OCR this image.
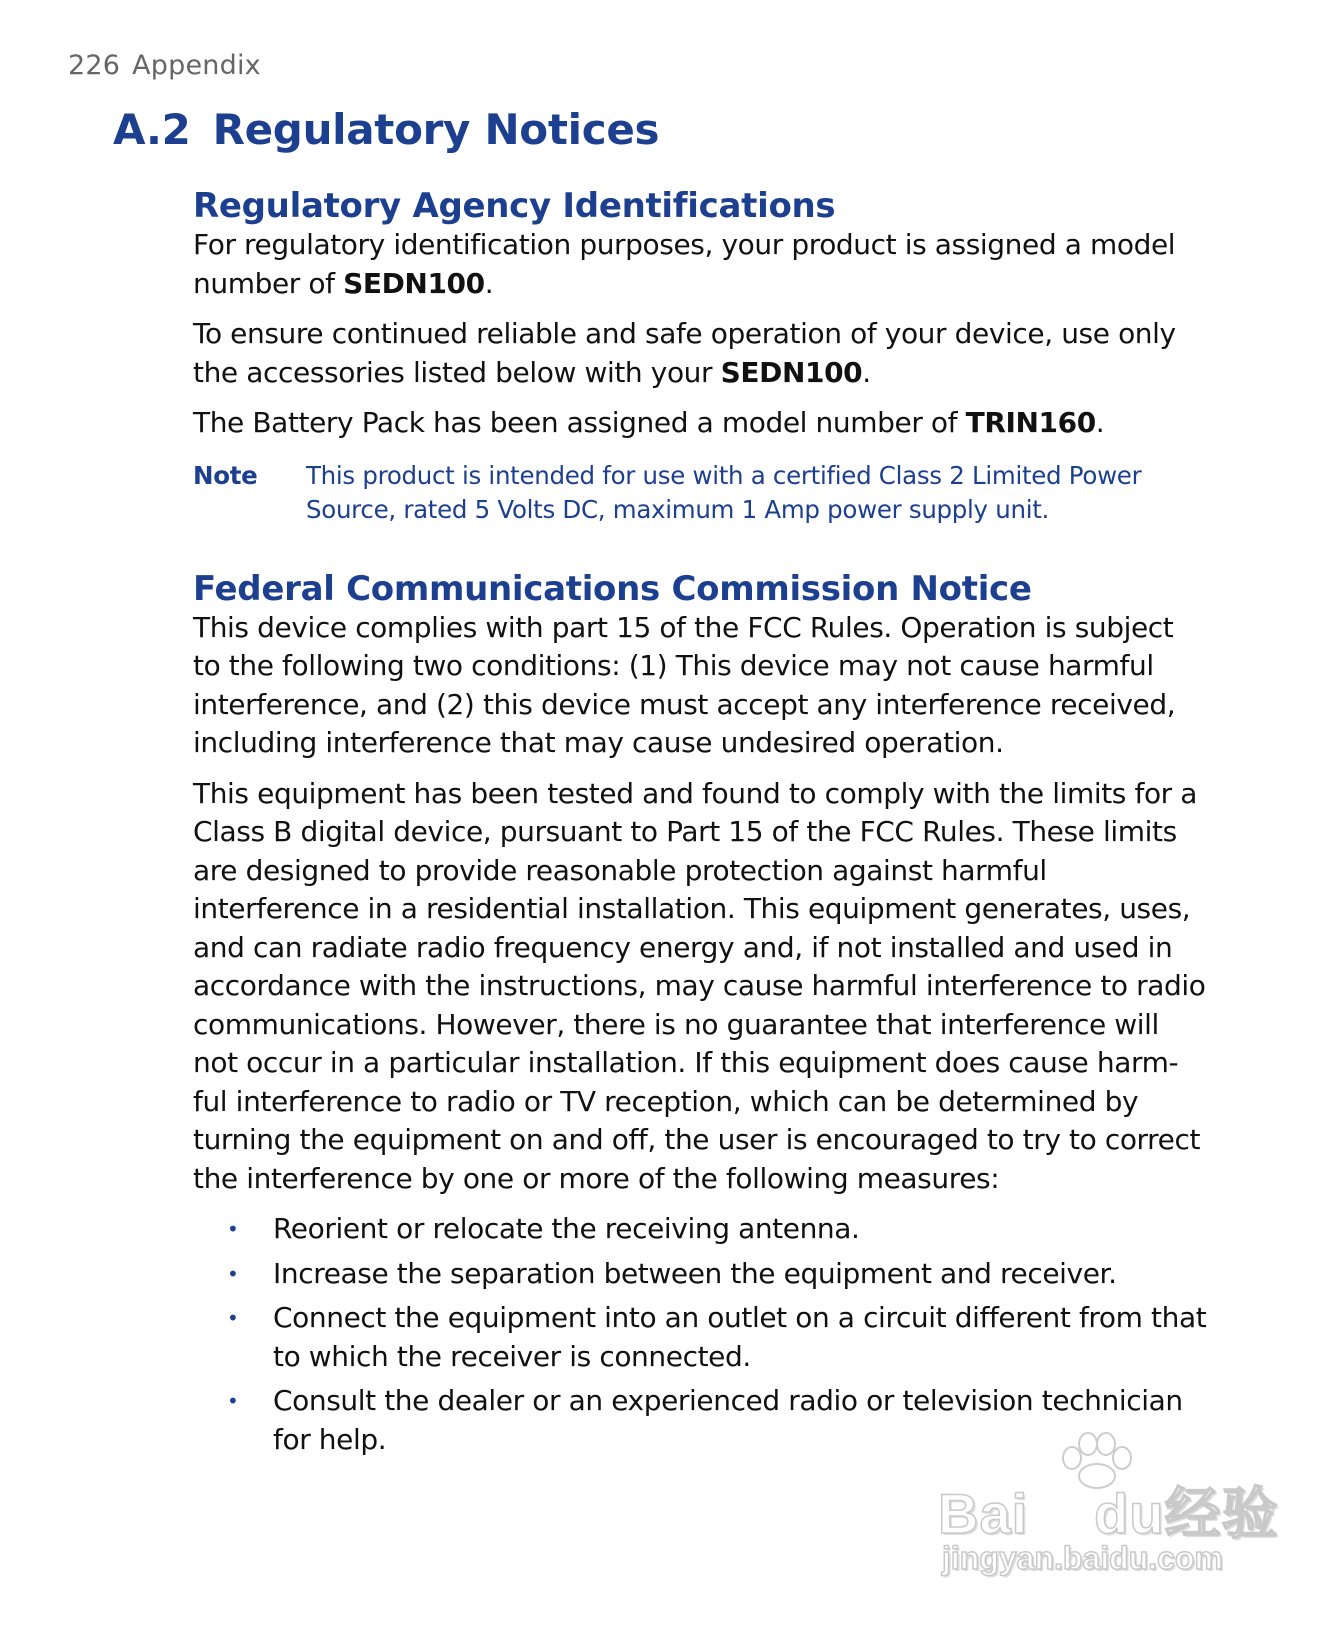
226 Appendix
A.2 Regulatory Notices
Regulatory Agency Identifications

For regulatory identification purposes, your product is assigned a model number of SEDN100.

To ensure continued reliable and safe operation of your device, use only the accessories listed below with your SEDN100.

The Battery Pack has been assigned a model number of TRIN160.

Note	This product is intended for use with a certified Class 2 Limited Power Source, rated 5 Volts DC, maximum 1 Amp power supply unit.
Federal Communications Commission Notice

This device complies with part 15 of the FCC Rules. Operation is subject to the following two conditions: (1) This device may not cause harmful interference, and (2) this device must accept any interference received, including interference that may cause undesired operation.

This equipment has been tested and found to comply with the limits for a Class B digital device, pursuant to Part 15 of the FCC Rules. These limits are designed to provide reasonable protection against harmful interference in a residential installation. This equipment generates, uses, and can radiate radio frequency energy and, if not installed and used in accordance with the instructions, may cause harmful interference to radio communications. However, there is no guarantee that interference will not occur in a particular installation. If this equipment does cause harm-ful interference to radio or TV reception, which can be determined by turning the equipment on and off, the user is encouraged to try to correct the interference by one or more of the following measures:

• Reorient or relocate the receiving antenna.
• Increase the separation between the equipment and receiver.
• Connect the equipment into an outlet on a circuit different from that to which the receiver is connected.
• Consult the dealer or an experienced radio or television technician for help.
Bai du经验
jingyan.baidu.com
